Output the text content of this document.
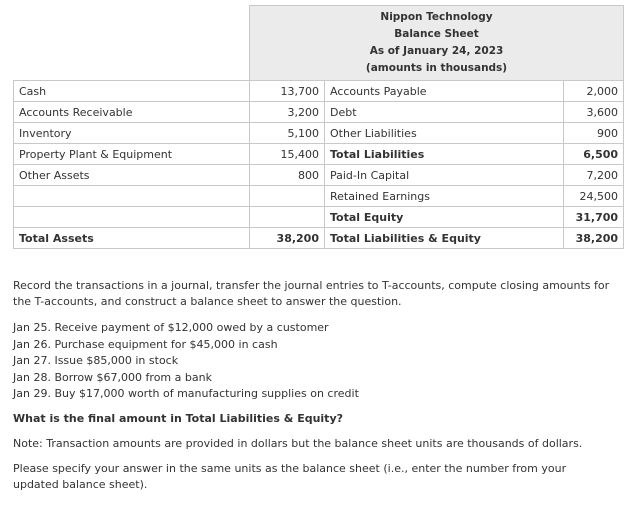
	Nippon Technology
Balance Sheet
As of January 24, 2023
(amounts in thousands)		

Cash	13,700	Accounts Payable	2,000
Accounts Receivable	3,200	Debt	3,600
Inventory	5,100	Other Liabilities	900
Property Plant & Equipment	15,400	Total Liabilities	6,500
Other Assets	800	Paid-In Capital	7,200
		Retained Earnings	24,500
		Total Equity	31,700
Total Assets	38,200	Total Liabilities & Equity	38,200
Record the transactions in a journal, transfer the journal entries to T-accounts, compute closing amounts for the T-accounts, and construct a balance sheet to answer the question.
Jan 25. Receive payment of $12,000 owed by a customer
Jan 26. Purchase equipment for $45,000 in cash
Jan 27. Issue $85,000 in stock
Jan 28. Borrow $67,000 from a bank
Jan 29. Buy $17,000 worth of manufacturing supplies on credit
What is the final amount in Total Liabilities & Equity?
Note: Transaction amounts are provided in dollars but the balance sheet units are thousands of dollars.
Please specify your answer in the same units as the balance sheet (i.e., enter the number from your updated balance sheet).
